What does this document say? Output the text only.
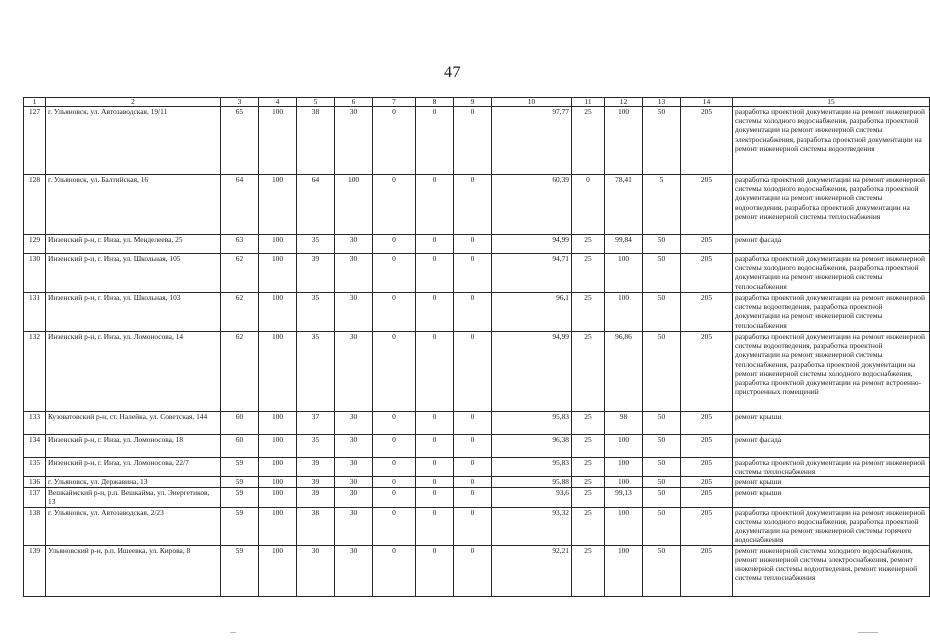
47
1	2	3	4	5	6	7	8	9	10	11	12	13	14	15
127	г. Ульяновск, ул. Автозаводская, 19/11	65	100	38	30	0	0	0	97,77	25	100	50	205	разработка проектной документации на ремонт инженерной системы холодного водоснабжения, разработка проектной документации на ремонт инженерной системы электроснабжения, разработка проектной документации на ремонт инженерной системы водоотведения
128	г. Ульяновск, ул. Балтийская, 16	64	100	64	100	0	0	0	60,39	0	78,41	5	205	разработка проектной документации на ремонт инженерной системы холодного водоснабжения, разработка проектной документации на ремонт инженерной системы водоотведения, разработка проектной документации на ремонт инженерной системы теплоснабжения
129	Инзенский р-н, г. Инза, ул. Менделеева, 25	63	100	35	30	0	0	0	94,99	25	99,84	50	205	ремонт фасада
130	Инзенский р-н, г. Инза, ул. Школьная, 105	62	100	39	30	0	0	0	94,71	25	100	50	205	разработка проектной документации на ремонт инженерной системы холодного водоснабжения, разработка проектной документации на ремонт инженерной системы теплоснабжения
131	Инзенский р-н, г. Инза, ул. Школьная, 103	62	100	35	30	0	0	0	96,1	25	100	50	205	разработка проектной документации на ремонт инженерной системы водоотведения, разработка проектной документации на ремонт инженерной системы теплоснабжения
132	Инзенский р-н, г. Инза, ул. Ломоносова, 14	62	100	35	30	0	0	0	94,99	25	96,86	50	205	разработка проектной документации на ремонт инженерной системы водоотведения, разработка проектной документации на ремонт инженерной системы теплоснабжения, разработка проектной документации на ремонт инженерной системы холодного водоснабжения, разработка проектной документации на ремонт встроенно-пристроенных помещений
133	Кузоватовский р-н, ст. Налейка, ул. Советская, 144	60	100	37	30	0	0	0	95,83	25	98	50	205	ремонт крыши
134	Инзенский р-н, г. Инза, ул. Ломоносова, 18	60	100	35	30	0	0	0	96,38	25	100	50	205	ремонт фасада
135	Инзенский р-н, г. Инза, ул. Ломоносова, 22/7	59	100	39	30	0	0	0	95,83	25	100	50	205	разработка проектной документации на ремонт инженерной системы теплоснабжения
136	г. Ульяновск, ул. Державина, 13	59	100	39	30	0	0	0	95,88	25	100	50	205	ремонт крыши
137	Вешкаймский р-н, р.п. Вешкайма, ул. Энергетиков, 13	59	100	39	30	0	0	0	93,6	25	99,13	50	205	ремонт крыши
138	г. Ульяновск, ул. Автозаводская, 2/23	59	100	38	30	0	0	0	93,32	25	100	50	205	разработка проектной документации на ремонт инженерной системы холодного водоснабжения, разработка проектной документации на ремонт инженерной системы горячего водоснабжения
139	Ульяновский р-н, р.п. Ишеевка, ул. Кирова, 8	59	100	30	30	0	0	0	92,21	25	100	50	205	ремонт инженерной системы холодного водоснабжения, ремонт инженерной системы электроснабжения, ремонт инженерной системы водоотведения, ремонт инженерной системы теплоснабжения
